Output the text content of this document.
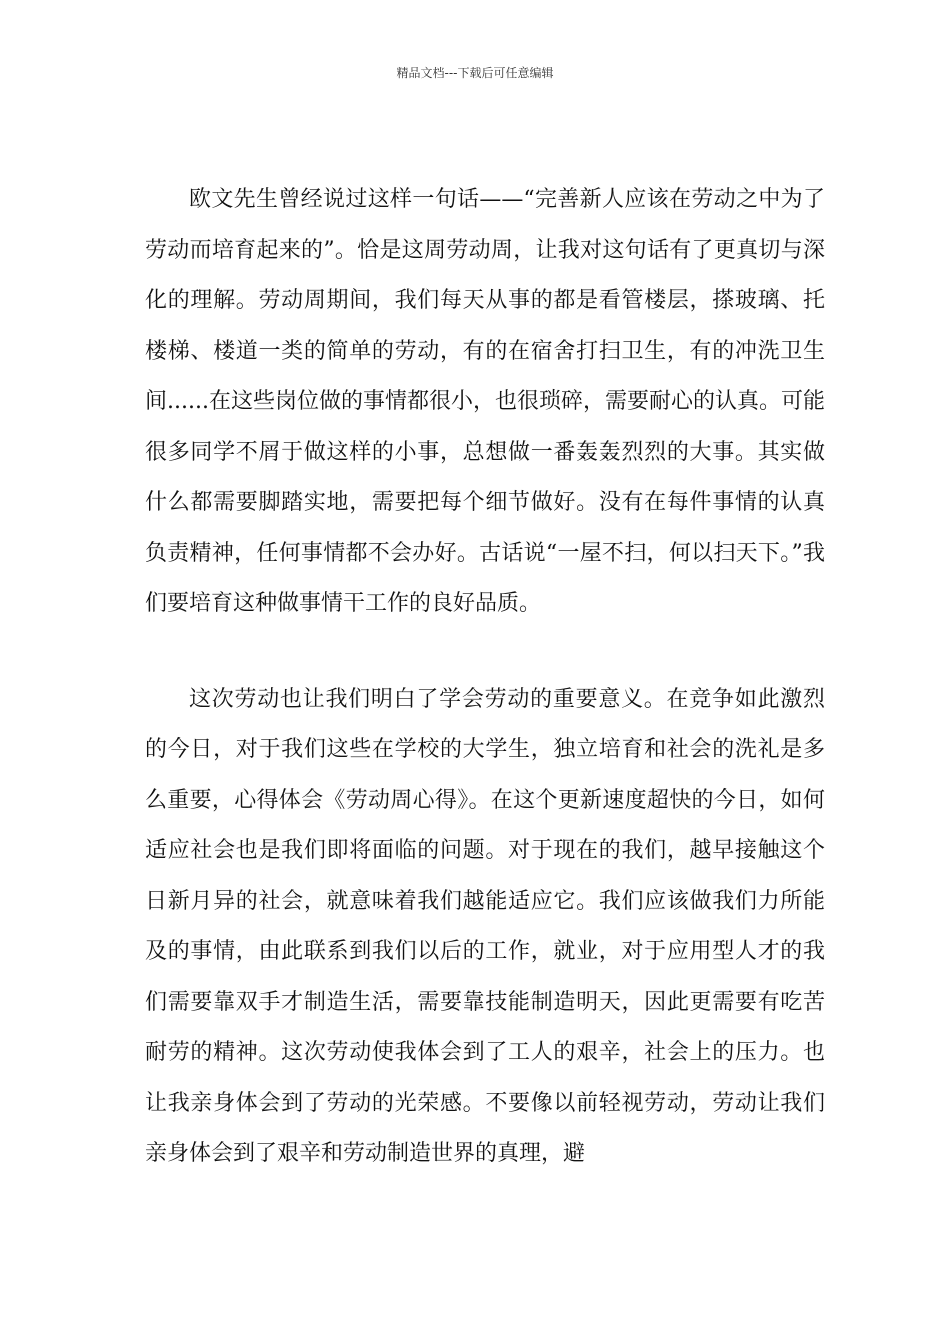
精品文档---下载后可任意编辑

欧文先生曾经说过这样一句话——“完善新人应该在劳动之中为了劳动而培育起来的”。恰是这周劳动周，让我对这句话有了更真切与深化的理解。劳动周期间，我们每天从事的都是看管楼层，搽玻璃、托楼梯、楼道一类的简单的劳动，有的在宿舍打扫卫生，有的冲洗卫生间......在这些岗位做的事情都很小，也很琐碎，需要耐心的认真。可能很多同学不屑于做这样的小事，总想做一番轰轰烈烈的大事。其实做什么都需要脚踏实地，需要把每个细节做好。没有在每件事情的认真负责精神，任何事情都不会办好。古话说“一屋不扫，何以扫天下。”我们要培育这种做事情干工作的良好品质。

这次劳动也让我们明白了学会劳动的重要意义。在竞争如此激烈的今日，对于我们这些在学校的大学生，独立培育和社会的洗礼是多么重要，心得体会《劳动周心得》。在这个更新速度超快的今日，如何适应社会也是我们即将面临的问题。对于现在的我们，越早接触这个日新月异的社会，就意味着我们越能适应它。我们应该做我们力所能及的事情，由此联系到我们以后的工作，就业，对于应用型人才的我们需要靠双手才制造生活，需要靠技能制造明天，因此更需要有吃苦耐劳的精神。这次劳动使我体会到了工人的艰辛，社会上的压力。也让我亲身体会到了劳动的光荣感。不要像以前轻视劳动，劳动让我们亲身体会到了艰辛和劳动制造世界的真理，避
